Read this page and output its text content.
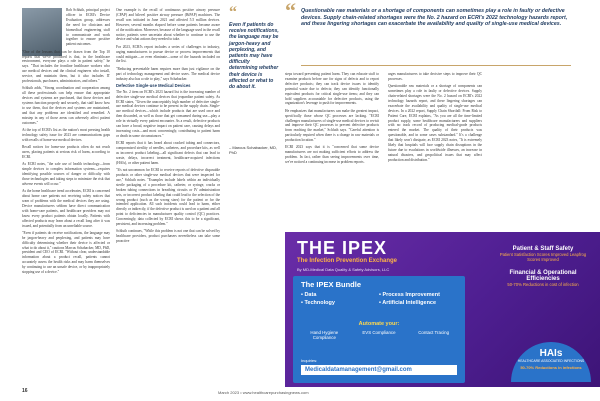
Rob Schluth, principal project officer in ECRI's Device Evaluation group, addresses the need for clinicians and biomedical engineering staff to communicate and work together to ensure positive patient outcomes.

"One of the lessons that can be drawn from the Top 10 reports that we've produced is that, in the healthcare environment, everyone plays a role in patient safety," he says. "That includes the frontline healthcare workers who use medical devices and the clinical engineers who install, service, and maintain them, but it also includes IT professionals, purchasers, administrators, and others."

Schluth adds, "Strong coordination and cooperation among all these professionals can help ensure that appropriate devices and systems are purchased, that those devices and systems function properly and securely, that staff know how to use them, that the devices and systems are maintained, and that any problems are identified and remedied. A misstep in any of those areas can adversely affect patient outcomes."

At the top of ECRI's list as the nation's most pressing health technology safety issue for 2023 are communications gaps with recalls of home-use medical devices.

Recall notices for home-use products often do not reach users, placing patients at serious risk of harm, according to ECRI.

As ECRI notes, "the safe use of health technology—from simple devices to complex information systems—requires identifying possible sources of danger or difficulty with those technologies and taking steps to minimize the risk that adverse events will occur."

As the home healthcare trend accelerates, ECRI is concerned about home care patients not receiving safety notices that warn of problems with the medical devices they are using. Device manufacturers seldom have direct communication with home-care patients, and healthcare providers may not know every product patients obtain locally. Patients with affected products may learn about a recall long after it was issued, and potentially from an unreliable source.

"Even if patients do receive notifications, the language may be jargon-heavy and perplexing, and patients may have difficulty determining whether their device is affected or what to do about it," cautions Marcus Schabacker, MD, PhD, president and CEO of ECRI. "Without clear, understandable information about a product recall, patients cannot accurately assess the health risks and may harm themselves by continuing to use an unsafe device, or by inappropriately stopping use of a device."

One example is the recall of continuous positive airway pressure (CPAP) and bilevel positive airway pressure (BiPAP) machines. The recall was initiated in June 2021 and affected 5.5 million devices. However, several months elapsed before some patients became aware of the notification. Moreover, because of the language used in the recall notice, patients were uncertain about whether to continue to use the device and what actions they needed to take.

For 2023, ECRI's report includes a series of challenges to industry, urging manufacturers to pursue device or process improvements that could mitigate—or even eliminate—some of the hazards included on the list.

"Reducing preventable harm requires more than just vigilance on the part of technology management and device users. The medical device industry also has a role to play," says Schabacker.

Defective Single-use Medical Devices

The No. 2 item on ECRI's 2023 hazard list is the increasing number of defective single-use medical devices that jeopardize patient safety. As ECRI states, "Given the unacceptably high number of defective single-use medical devices continue to be present in the supply chain. Single-use medical devices—which include products that are used once and then discarded, as well as those that get consumed during use—play a role in virtually every patient encounter. As a result, defective products can have a broad, negative impact on patient care, causing delays and increasing costs—and most concerningly, contributing to patient harm or death in some circumstances."

ECRI reports that it has heard about cracked tubing and connectors, compromised sterility of needles, catheters, and procedure kits, as well as incorrect product labeling—all significant defects that can lead to waste, delays, incorrect treatment, healthcare-acquired infections (HAIs), or other patient harm.

"It's not uncommon for ECRI to receive reports of defective disposable products or other single-use medical devices that were inspected for use," Schluth notes. "Examples include labels within an individually sterile packaging of a procedure kit, catheter, or syringe, cracks or broken tubing connections in breathing circuits or IV administration sets, or incorrect product labeling that could lead to the selection of the wrong product (such as the wrong sizes) for the patient or for the intended application. All such incidents could lead to harm, either directly or indirectly, if the defective product is used on a patient and all point to deficiencies in manufacturer quality control (QC) practices. Concerningly, data collected by ECRI shows this to be a significant, persistent, and increasing problem."

Schluth continues, "While this problem is not one that can be solved by healthcare providers, product purchasers nevertheless can take some proactive

“
Even if patients do receive notifications, the language may be jargon-heavy and perplexing, and patients may have difficulty determining whether their device is affected or what to do about it.
– Marcus Schabacker, MD, PhD
“ Questionable raw materials or a shortage of components can sometimes play a role in faulty or defective devices. Supply chain-related shortages were the No. 2 hazard on ECRI's 2022 technology hazards report, and these lingering shortages can exacerbate the availability and quality of single-use medical devices.

steps toward preventing patient harm. They can educate staff to examine products before use for signs of defects and to report defective products; they can track device issues to identify potential waste due to defects; they can identify functionally equivalent products for critical single-use items; and they can hold suppliers accountable for defective products, using the organization's leverage to push for improvements.

He emphasizes that manufacturers can make the greatest impact, specifically those whose QC processes are lacking. "ECRI challenges manufacturers of single-use medical devices to revisit and improve their QC processes to prevent defective products from reaching the market," Schluth says. "Careful attention is particularly required when there is a change in raw materials or production location."

ECRI 2023 says that it is "concerned that some device manufacturers are not making sufficient efforts to address the problem. In fact, rather than seeing improvements over time, we've noticed a continuing increase in problem reports.

urges manufacturers to take decisive steps to improve their QC processes.

Questionable raw materials or a shortage of components can sometimes play a role in faulty or defective devices. Supply chain-related shortages were the No. 2 hazard on ECRI's 2022 technology hazards report, and these lingering shortages can exacerbate the availability and quality of single-use medical devices. In a 2022 report, Supply Chain Shortfall: From Risk to Patient Care, ECRI explains, "As you are all the time-limited product supply, some healthcare manufacturers and suppliers with no track record of producing medical-grade products entered the market. The quality of their products was questionable, and in some cases substandard." It's a challenge that likely won't dissipate, as ECRI 2023 notes, "It is extremely likely that hospitals will face supply chain disruptions in the future due to escalations in worldwide illnesses, an increase in natural disasters, and geopolitical issues that may affect production and distribution."

THE IPEX
The Infection Prevention Exchange
By MD-Medical Data Quality & Safety Advisors, LLC
The IPEX Bundle
• Data	• Process Improvement
• Technology	• Artificial Intelligence
Automate your:
Hand Hygiene Compliance
EVS Compliance	Contact Tracing
Inquiries:
Medicaldatamanagement@gmail.com
Patient & Staff Safety
Patient Satisfaction Scores Improved Leapfrog Scores Improved
Financial & Operational Efficiencies
50-70% Reductions in cost of infection
HAIs
HEALTHCARE ASSOCIATED INFECTIONS
50-70% Reductions in infections
16	March 2023 • www.healthcarepurchasingnews.com
